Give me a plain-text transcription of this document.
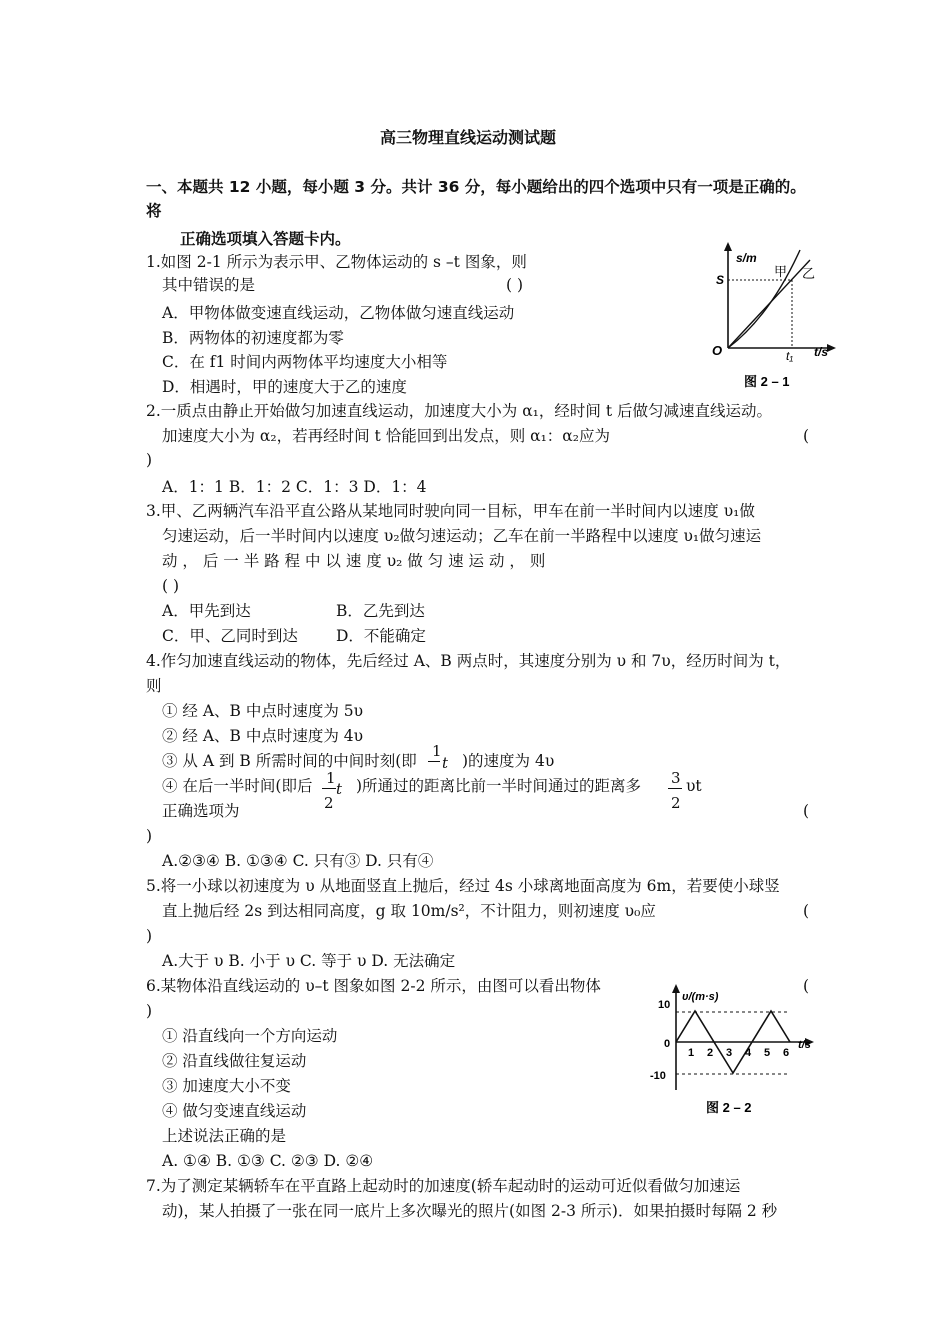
高三物理直线运动测试题
一、本题共 12 小题，每小题 3 分。共计 36 分，每小题给出的四个选项中只有一项是正确的。
将
正确选项填入答题卡内。
1.如图 2-1 所示为表示甲、乙物体运动的 s –t 图象，则
其中错误的是	( )
A．甲物体做变速直线运动，乙物体做匀速直线运动
B．两物体的初速度都为零
C．在 f1 时间内两物体平均速度大小相等
D．相遇时，甲的速度大于乙的速度
s/m
S
O	t₁ t/s
甲 乙
图 2 – 1
2.一质点由静止开始做匀加速直线运动，加速度大小为 α₁，经时间 t 后做匀减速直线运动。
加速度大小为 α₂，若再经时间 t 恰能回到出发点，则 α₁：α₂应为	(
)
A．1：1 B．1：2 C．1：3 D．1：4
3.甲、乙两辆汽车沿平直公路从某地同时驶向同一目标，甲车在前一半时间内以速度 υ₁做
匀速运动，后一半时间内以速度 υ₂做匀速运动；乙车在前一半路程中以速度 υ₁做匀速运
动 ， 后 一 半 路 程 中 以 速 度 υ₂ 做 匀 速 运 动 ， 则
( )
A．甲先到达	B．乙先到达
C．甲、乙同时到达 D．不能确定
4.作匀加速直线运动的物体，先后经过 A、B 两点时，其速度分别为 υ 和 7υ，经历时间为 t，
则
① 经 A、B 中点时速度为 5υ
② 经 A、B 中点时速度为 4υ
③ 从 A 到 B 所需时间的中间时刻(即
1
t )的速度为 4υ
④ 在后一半时间(即后 1
2
t )所通过的距离比前一半时间通过的距离多 3
2
υt
正确选项为	(
)
A.②③④ B. ①③④ C. 只有③ D. 只有④
5.将一小球以初速度为 υ 从地面竖直上抛后，经过 4s 小球离地面高度为 6m，若要使小球竖
直上抛后经 2s 到达相同高度，g 取 10m/s²，不计阻力，则初速度 υ₀应	(
)
A.大于 υ B. 小于 υ C. 等于 υ D. 无法确定
6.某物体沿直线运动的 υ–t 图象如图 2-2 所示，由图可以看出物体	(
)
① 沿直线向一个方向运动
② 沿直线做往复运动
③ 加速度大小不变
④ 做匀变速直线运动
上述说法正确的是
A. ①④ B. ①③ C. ②③ D. ②④
10
0
-10
υ/(m·s)
1 2 3 4 5 6
t/s
图 2 – 2
7.为了测定某辆轿车在平直路上起动时的加速度(轿车起动时的运动可近似看做匀加速运
动)，某人拍摄了一张在同一底片上多次曝光的照片(如图 2-3 所示)．如果拍摄时每隔 2 秒
